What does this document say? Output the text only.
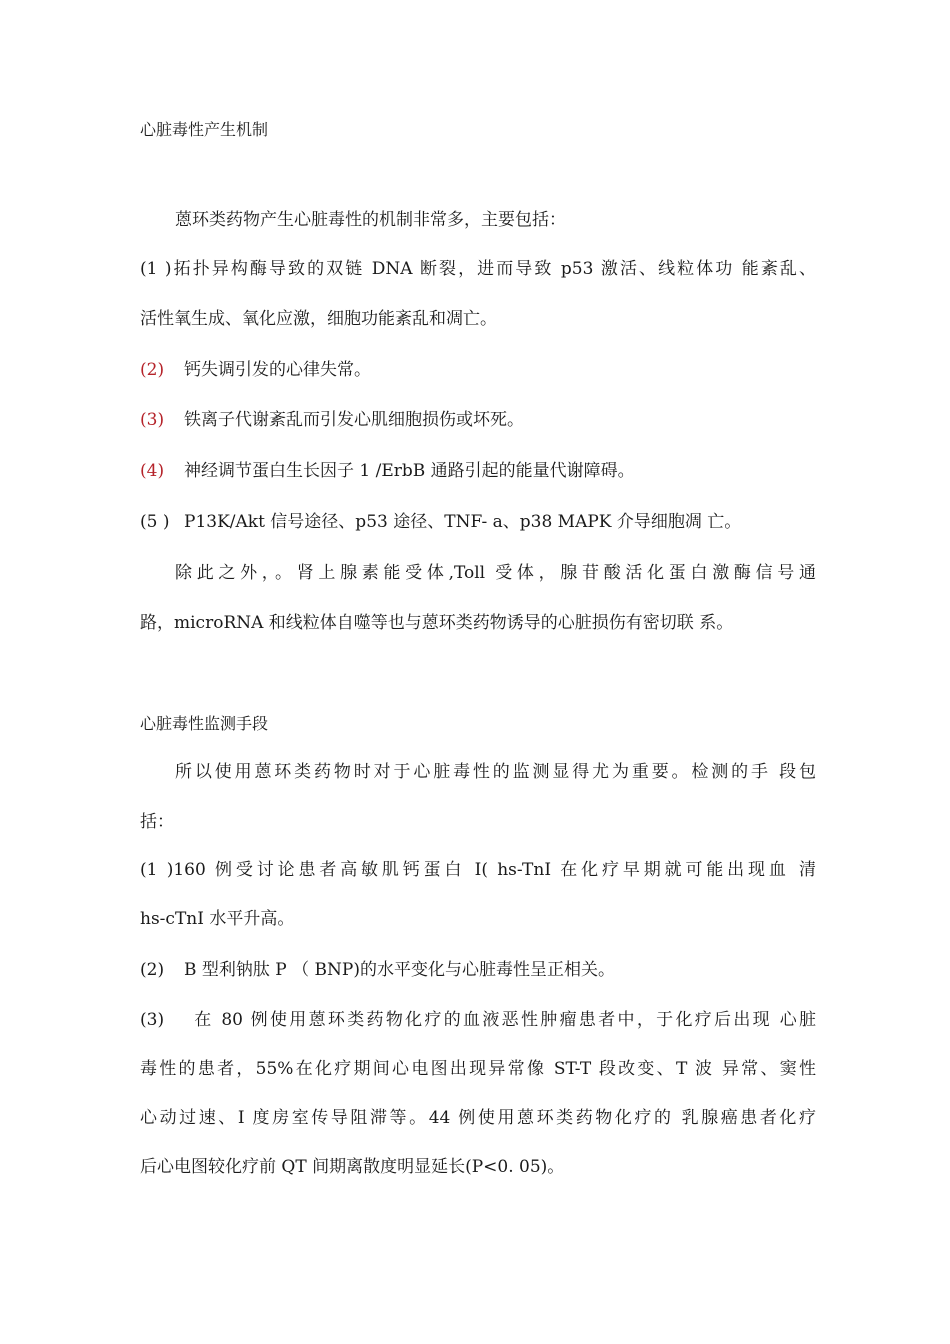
心脏毒性产生机制
蒽环类药物产生心脏毒性的机制非常多，主要包括：
(1 )拓扑异构酶导致的双链 DNA 断裂，进而导致 p53 激活、线粒体功 能紊乱、
活性氧生成、氧化应激，细胞功能紊乱和凋亡。
(2) 钙失调引发的心律失常。
(3) 铁离子代谢紊乱而引发心肌细胞损伤或坏死。
(4) 神经调节蛋白生长因子 1 /ErbB 通路引起的能量代谢障碍。
(5 ) P13K/Akt 信号途径、p53 途径、TNF- a、p38 MAPK 介导细胞凋 亡。
除此之外，。肾上腺素能受体,Toll 受体，腺苷酸活化蛋白激酶信号通
路，microRNA 和线粒体自噬等也与蒽环类药物诱导的心脏损伤有密切联 系。
心脏毒性监测手段
所以使用蒽环类药物时对于心脏毒性的监测显得尤为重要。检测的手 段包
括：
(1 )160 例受讨论患者高敏肌钙蛋白 I( hs-TnI 在化疗早期就可能出现血 清
hs-cTnI 水平升高。
(2) B 型利钠肽 P （ BNP)的水平变化与心脏毒性呈正相关。
(3) 在 80 例使用蒽环类药物化疗的血液恶性肿瘤患者中，于化疗后出现 心脏
毒性的患者，55%在化疗期间心电图出现异常像 ST-T 段改变、T 波 异常、窦性
心动过速、I 度房室传导阻滞等。44 例使用蒽环类药物化疗的 乳腺癌患者化疗
后心电图较化疗前 QT 间期离散度明显延长(P<0. 05)。
